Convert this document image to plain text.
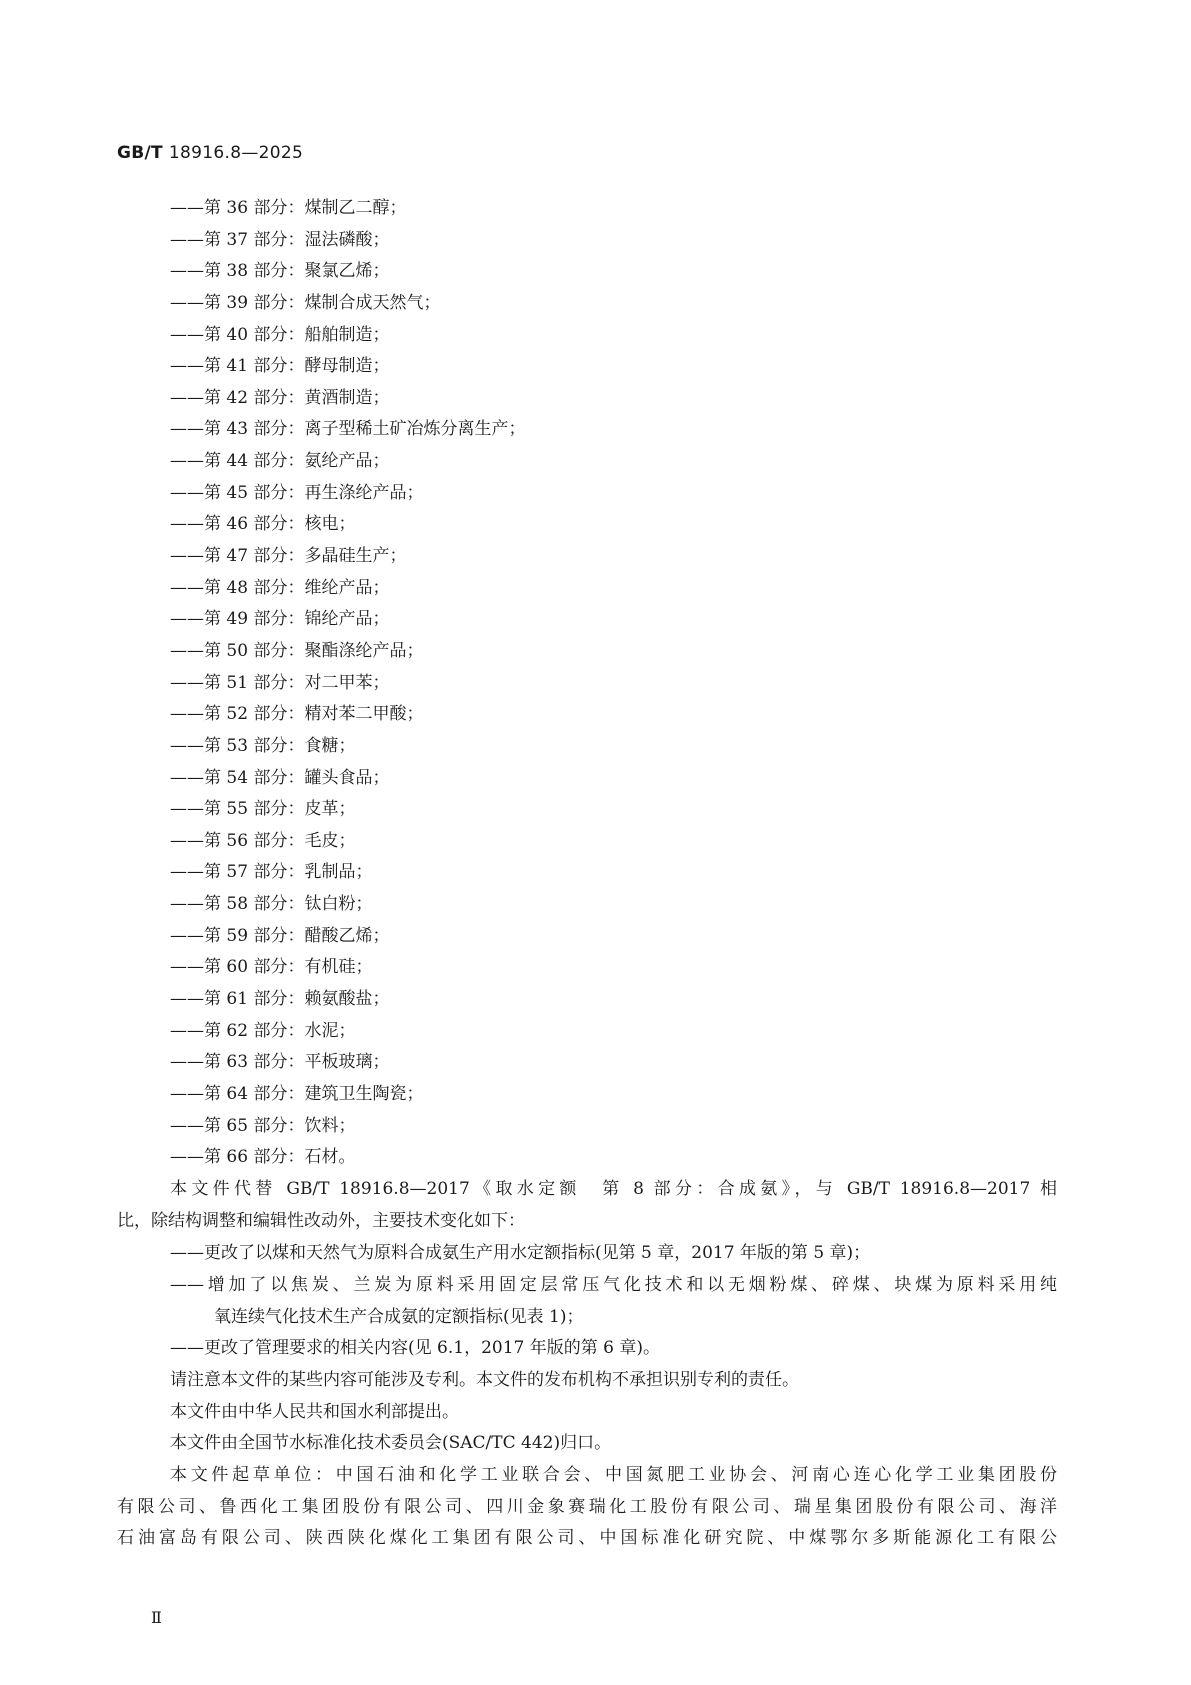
GB/T 18916.8—2025
——第 36 部分：煤制乙二醇；
——第 37 部分：湿法磷酸；
——第 38 部分：聚氯乙烯；
——第 39 部分：煤制合成天然气；
——第 40 部分：船舶制造；
——第 41 部分：酵母制造；
——第 42 部分：黄酒制造；
——第 43 部分：离子型稀土矿冶炼分离生产；
——第 44 部分：氨纶产品；
——第 45 部分：再生涤纶产品；
——第 46 部分：核电；
——第 47 部分：多晶硅生产；
——第 48 部分：维纶产品；
——第 49 部分：锦纶产品；
——第 50 部分：聚酯涤纶产品；
——第 51 部分：对二甲苯；
——第 52 部分：精对苯二甲酸；
——第 53 部分：食糖；
——第 54 部分：罐头食品；
——第 55 部分：皮革；
——第 56 部分：毛皮；
——第 57 部分：乳制品；
——第 58 部分：钛白粉；
——第 59 部分：醋酸乙烯；
——第 60 部分：有机硅；
——第 61 部分：赖氨酸盐；
——第 62 部分：水泥；
——第 63 部分：平板玻璃；
——第 64 部分：建筑卫生陶瓷；
——第 65 部分：饮料；
——第 66 部分：石材。

本文件代替 GB/T 18916.8—2017《取水定额　第 8 部分：合成氨》，与 GB/T 18916.8—2017 相
比，除结构调整和编辑性改动外，主要技术变化如下：

——更改了以煤和天然气为原料合成氨生产用水定额指标(见第 5 章，2017 年版的第 5 章)；

——增加了以焦炭、兰炭为原料采用固定层常压气化技术和以无烟粉煤、碎煤、块煤为原料采用纯
氧连续气化技术生产合成氨的定额指标(见表 1)；

——更改了管理要求的相关内容(见 6.1，2017 年版的第 6 章)。

请注意本文件的某些内容可能涉及专利。本文件的发布机构不承担识别专利的责任。

本文件由中华人民共和国水利部提出。

本文件由全国节水标准化技术委员会(SAC/TC 442)归口。

本文件起草单位：中国石油和化学工业联合会、中国氮肥工业协会、河南心连心化学工业集团股份
有限公司、鲁西化工集团股份有限公司、四川金象赛瑞化工股份有限公司、瑞星集团股份有限公司、海洋
石油富岛有限公司、陕西陕化煤化工集团有限公司、中国标准化研究院、中煤鄂尔多斯能源化工有限公

Ⅱ
